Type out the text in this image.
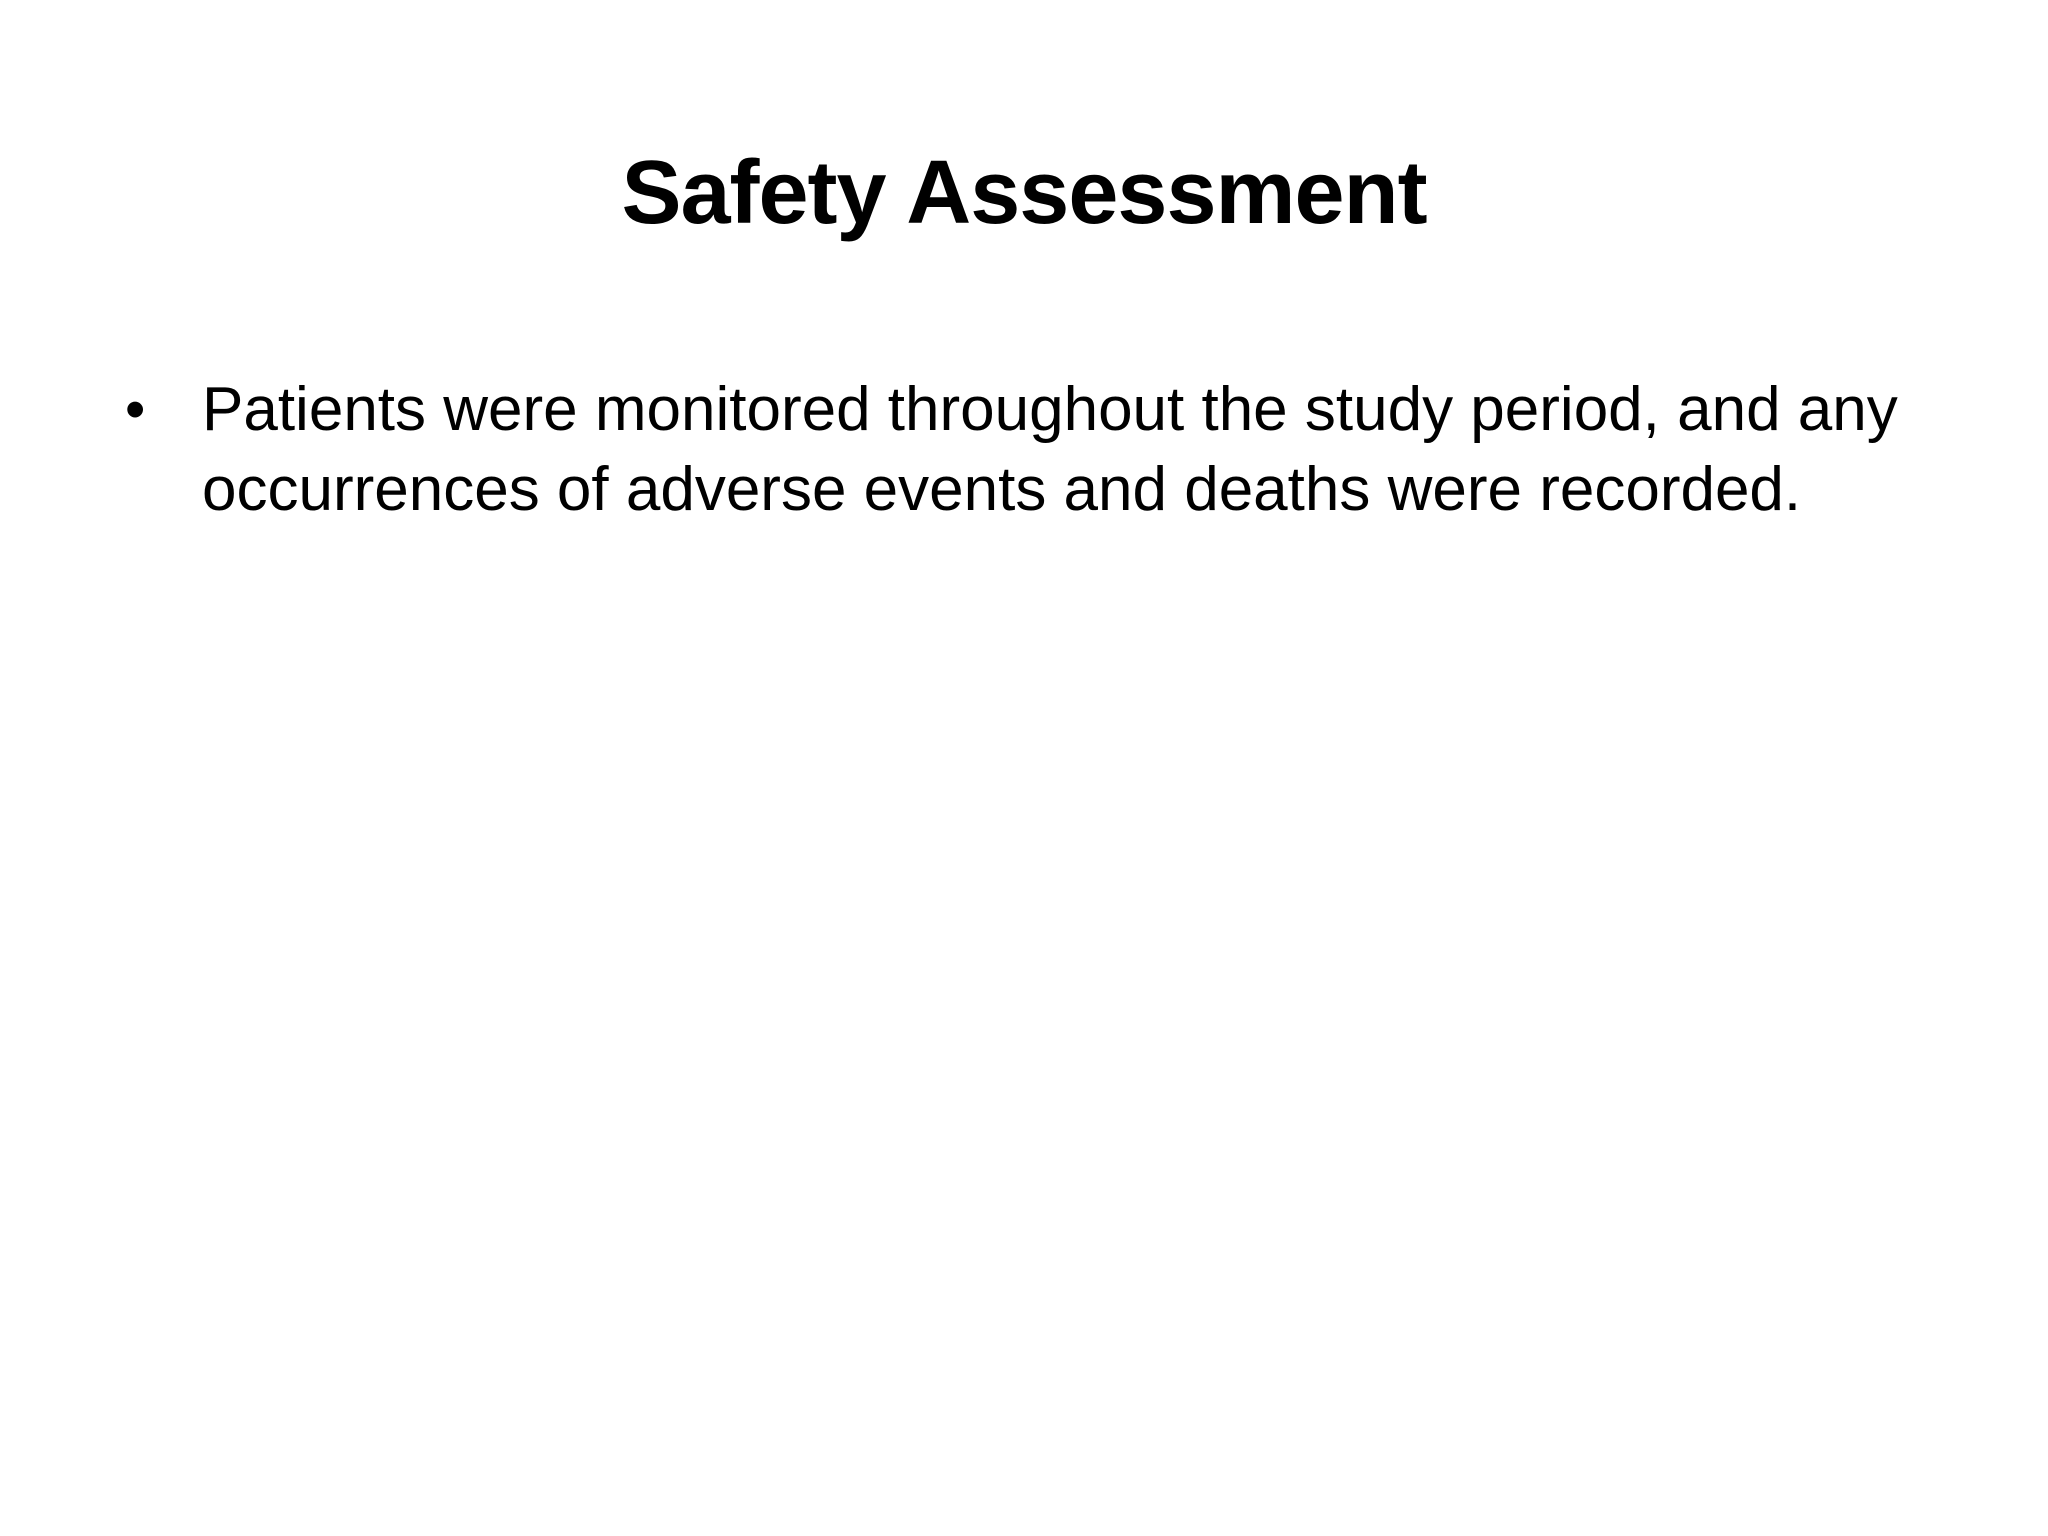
Safety Assessment
• Patients were monitored throughout the study period, and any occurrences of adverse events and deaths were recorded.
